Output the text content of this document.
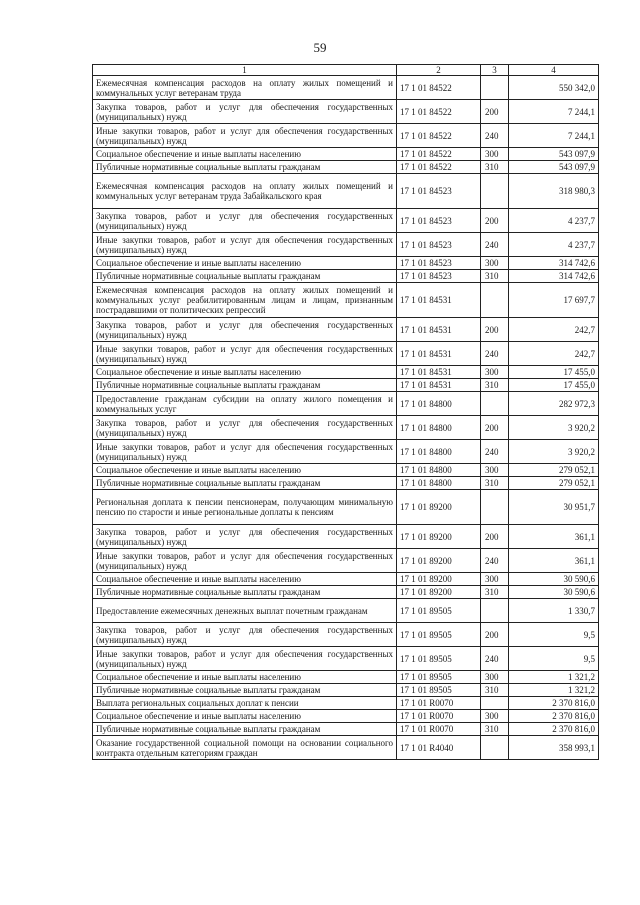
59
1	2	3	4
Ежемесячная компенсация расходов на оплату жилых помещений и коммунальных услуг ветеранам труда	17 1 01 84522		550 342,0
Закупка товаров, работ и услуг для обеспечения государственных (муниципальных) нужд	17 1 01 84522	200	7 244,1
Иные закупки товаров, работ и услуг для обеспечения государственных (муниципальных) нужд	17 1 01 84522	240	7 244,1
Социальное обеспечение и иные выплаты населению	17 1 01 84522	300	543 097,9
Публичные нормативные социальные выплаты гражданам	17 1 01 84522	310	543 097,9
Ежемесячная компенсация расходов на оплату жилых помещений и коммунальных услуг ветеранам труда Забайкальского края	17 1 01 84523		318 980,3
Закупка товаров, работ и услуг для обеспечения государственных (муниципальных) нужд	17 1 01 84523	200	4 237,7
Иные закупки товаров, работ и услуг для обеспечения государственных (муниципальных) нужд	17 1 01 84523	240	4 237,7
Социальное обеспечение и иные выплаты населению	17 1 01 84523	300	314 742,6
Публичные нормативные социальные выплаты гражданам	17 1 01 84523	310	314 742,6
Ежемесячная компенсация расходов на оплату жилых помещений и коммунальных услуг реабилитированным лицам и лицам, признанным пострадавшими от политических репрессий	17 1 01 84531		17 697,7
Закупка товаров, работ и услуг для обеспечения государственных (муниципальных) нужд	17 1 01 84531	200	242,7
Иные закупки товаров, работ и услуг для обеспечения государственных (муниципальных) нужд	17 1 01 84531	240	242,7
Социальное обеспечение и иные выплаты населению	17 1 01 84531	300	17 455,0
Публичные нормативные социальные выплаты гражданам	17 1 01 84531	310	17 455,0
Предоставление гражданам субсидии на оплату жилого помещения и коммунальных услуг	17 1 01 84800		282 972,3
Закупка товаров, работ и услуг для обеспечения государственных (муниципальных) нужд	17 1 01 84800	200	3 920,2
Иные закупки товаров, работ и услуг для обеспечения государственных (муниципальных) нужд	17 1 01 84800	240	3 920,2
Социальное обеспечение и иные выплаты населению	17 1 01 84800	300	279 052,1
Публичные нормативные социальные выплаты гражданам	17 1 01 84800	310	279 052,1
Региональная доплата к пенсии пенсионерам, получающим минимальную пенсию по старости и иные региональные доплаты к пенсиям	17 1 01 89200		30 951,7
Закупка товаров, работ и услуг для обеспечения государственных (муниципальных) нужд	17 1 01 89200	200	361,1
Иные закупки товаров, работ и услуг для обеспечения государственных (муниципальных) нужд	17 1 01 89200	240	361,1
Социальное обеспечение и иные выплаты населению	17 1 01 89200	300	30 590,6
Публичные нормативные социальные выплаты гражданам	17 1 01 89200	310	30 590,6
Предоставление ежемесячных денежных выплат почетным гражданам	17 1 01 89505		1 330,7
Закупка товаров, работ и услуг для обеспечения государственных (муниципальных) нужд	17 1 01 89505	200	9,5
Иные закупки товаров, работ и услуг для обеспечения государственных (муниципальных) нужд	17 1 01 89505	240	9,5
Социальное обеспечение и иные выплаты населению	17 1 01 89505	300	1 321,2
Публичные нормативные социальные выплаты гражданам	17 1 01 89505	310	1 321,2
Выплата региональных социальных доплат к пенсии	17 1 01 R0070		2 370 816,0
Социальное обеспечение и иные выплаты населению	17 1 01 R0070	300	2 370 816,0
Публичные нормативные социальные выплаты гражданам	17 1 01 R0070	310	2 370 816,0
Оказание государственной социальной помощи на основании социального контракта отдельным категориям граждан	17 1 01 R4040		358 993,1
